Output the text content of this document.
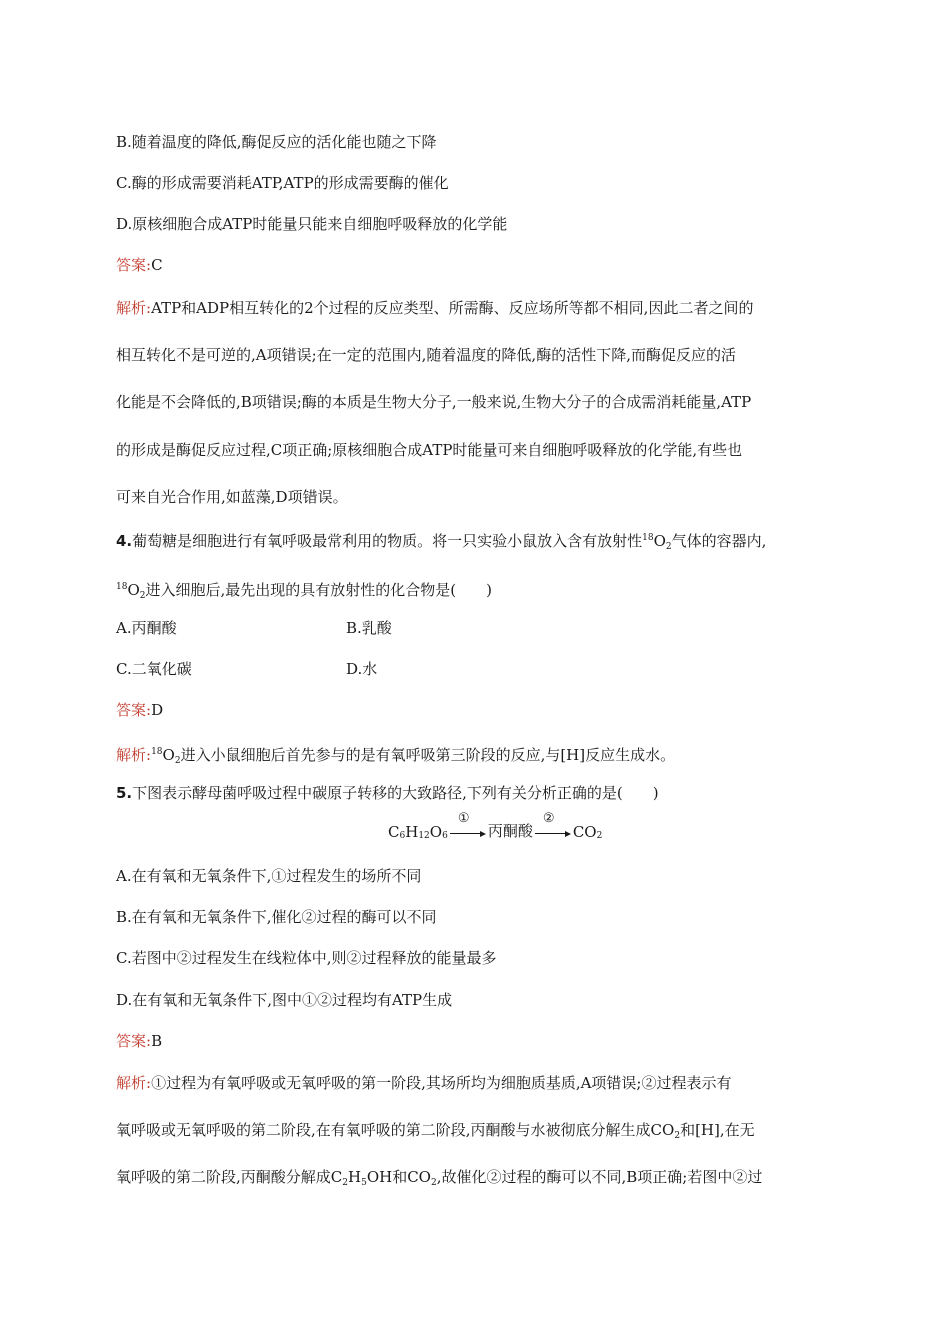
B.随着温度的降低,酶促反应的活化能也随之下降
C.酶的形成需要消耗ATP,ATP的形成需要酶的催化
D.原核细胞合成ATP时能量只能来自细胞呼吸释放的化学能
答案:C
解析:ATP和ADP相互转化的2个过程的反应类型、所需酶、反应场所等都不相同,因此二者之间的
相互转化不是可逆的,A项错误;在一定的范围内,随着温度的降低,酶的活性下降,而酶促反应的活
化能是不会降低的,B项错误;酶的本质是生物大分子,一般来说,生物大分子的合成需消耗能量,ATP
的形成是酶促反应过程,C项正确;原核细胞合成ATP时能量可来自细胞呼吸释放的化学能,有些也
可来自光合作用,如蓝藻,D项错误。
4.葡萄糖是细胞进行有氧呼吸最常利用的物质。将一只实验小鼠放入含有放射性$^{18}O_2$气体的容器内,
$^{18}O_2$进入细胞后,最先出现的具有放射性的化合物是(　　)
A.丙酮酸	B.乳酸
C.二氧化碳	D.水
答案:D
解析$:^{18}O_2$进入小鼠细胞后首先参与的是有氧呼吸第三阶段的反应,与[H]反应生成水。
5.下图表示酵母菌呼吸过程中碳原子转移的大致路径,下列有关分析正确的是(　　)
$C_6H_{12}O_6$
①
丙酮酸
②
$CO_2$
A.在有氧和无氧条件下,①过程发生的场所不同
B.在有氧和无氧条件下,催化②过程的酶可以不同
C.若图中②过程发生在线粒体中,则②过程释放的能量最多
D.在有氧和无氧条件下,图中①②过程均有ATP生成
答案:B
解析:①过程为有氧呼吸或无氧呼吸的第一阶段,其场所均为细胞质基质,A项错误;②过程表示有
氧呼吸或无氧呼吸的第二阶段,在有氧呼吸的第二阶段,丙酮酸与水被彻底分解生成$CO_2$和[H],在无
氧呼吸的第二阶段,丙酮酸分解成$C_2H_5OH$和$CO_2$,故催化②过程的酶可以不同,B项正确;若图中②过
